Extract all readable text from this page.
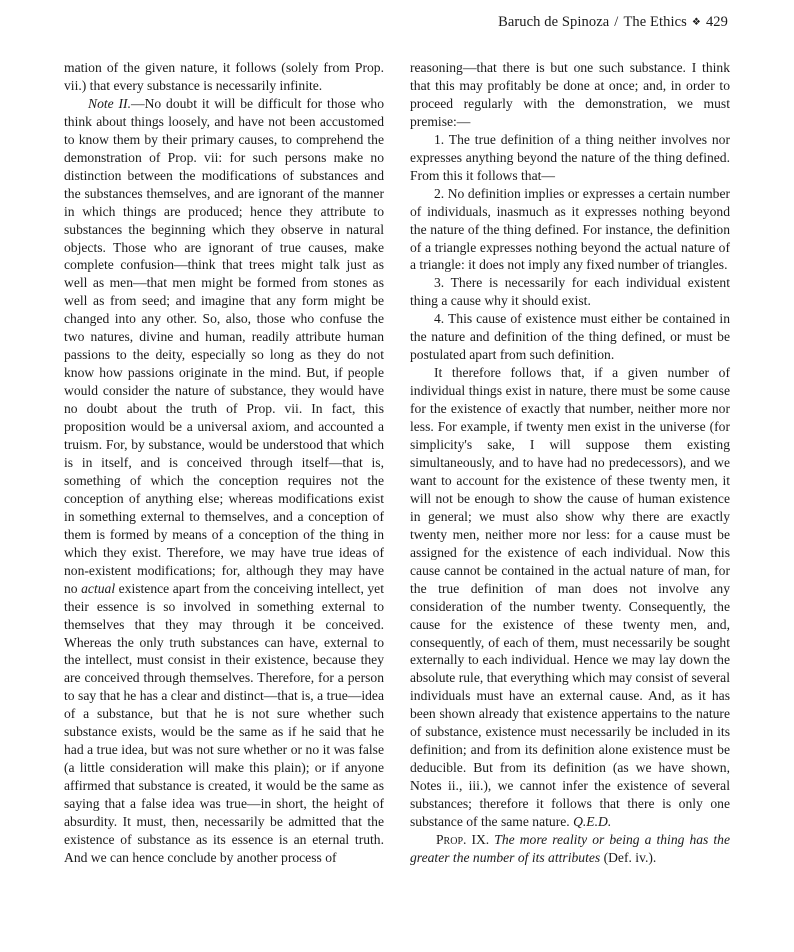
Baruch de Spinoza / The Ethics ❖ 429

mation of the given nature, it follows (solely from Prop. vii.) that every substance is necessarily infinite.

Note II.—No doubt it will be difficult for those who think about things loosely, and have not been accustomed to know them by their primary causes, to comprehend the demonstration of Prop. vii: for such persons make no distinction between the modifications of substances and the substances themselves, and are ignorant of the manner in which things are produced; hence they attribute to substances the beginning which they observe in natural objects. Those who are ignorant of true causes, make complete confusion—think that trees might talk just as well as men—that men might be formed from stones as well as from seed; and imagine that any form might be changed into any other. So, also, those who confuse the two natures, divine and human, readily attribute human passions to the deity, especially so long as they do not know how passions originate in the mind. But, if people would consider the nature of substance, they would have no doubt about the truth of Prop. vii. In fact, this proposition would be a universal axiom, and accounted a truism. For, by substance, would be understood that which is in itself, and is conceived through itself—that is, something of which the conception requires not the conception of anything else; whereas modifications exist in something external to themselves, and a conception of them is formed by means of a conception of the thing in which they exist. Therefore, we may have true ideas of non-existent modifications; for, although they may have no actual existence apart from the conceiving intellect, yet their essence is so involved in something external to themselves that they may through it be conceived. Whereas the only truth substances can have, external to the intellect, must consist in their existence, because they are conceived through themselves. Therefore, for a person to say that he has a clear and distinct—that is, a true—idea of a substance, but that he is not sure whether such substance exists, would be the same as if he said that he had a true idea, but was not sure whether or no it was false (a little consideration will make this plain); or if anyone affirmed that substance is created, it would be the same as saying that a false idea was true—in short, the height of absurdity. It must, then, necessarily be admitted that the existence of substance as its essence is an eternal truth. And we can hence conclude by another process of

reasoning—that there is but one such substance. I think that this may profitably be done at once; and, in order to proceed regularly with the demonstration, we must premise:—

1. The true definition of a thing neither involves nor expresses anything beyond the nature of the thing defined. From this it follows that—

2. No definition implies or expresses a certain number of individuals, inasmuch as it expresses nothing beyond the nature of the thing defined. For instance, the definition of a triangle expresses nothing beyond the actual nature of a triangle: it does not imply any fixed number of triangles.

3. There is necessarily for each individual existent thing a cause why it should exist.

4. This cause of existence must either be contained in the nature and definition of the thing defined, or must be postulated apart from such definition.

It therefore follows that, if a given number of individual things exist in nature, there must be some cause for the existence of exactly that number, neither more nor less. For example, if twenty men exist in the universe (for simplicity's sake, I will suppose them existing simultaneously, and to have had no predecessors), and we want to account for the existence of these twenty men, it will not be enough to show the cause of human existence in general; we must also show why there are exactly twenty men, neither more nor less: for a cause must be assigned for the existence of each individual. Now this cause cannot be contained in the actual nature of man, for the true definition of man does not involve any consideration of the number twenty. Consequently, the cause for the existence of these twenty men, and, consequently, of each of them, must necessarily be sought externally to each individual. Hence we may lay down the absolute rule, that everything which may consist of several individuals must have an external cause. And, as it has been shown already that existence appertains to the nature of substance, existence must necessarily be included in its definition; and from its definition alone existence must be deducible. But from its definition (as we have shown, Notes ii., iii.), we cannot infer the existence of several substances; therefore it follows that there is only one substance of the same nature. Q.E.D.

Prop. IX. The more reality or being a thing has the greater the number of its attributes (Def. iv.).
